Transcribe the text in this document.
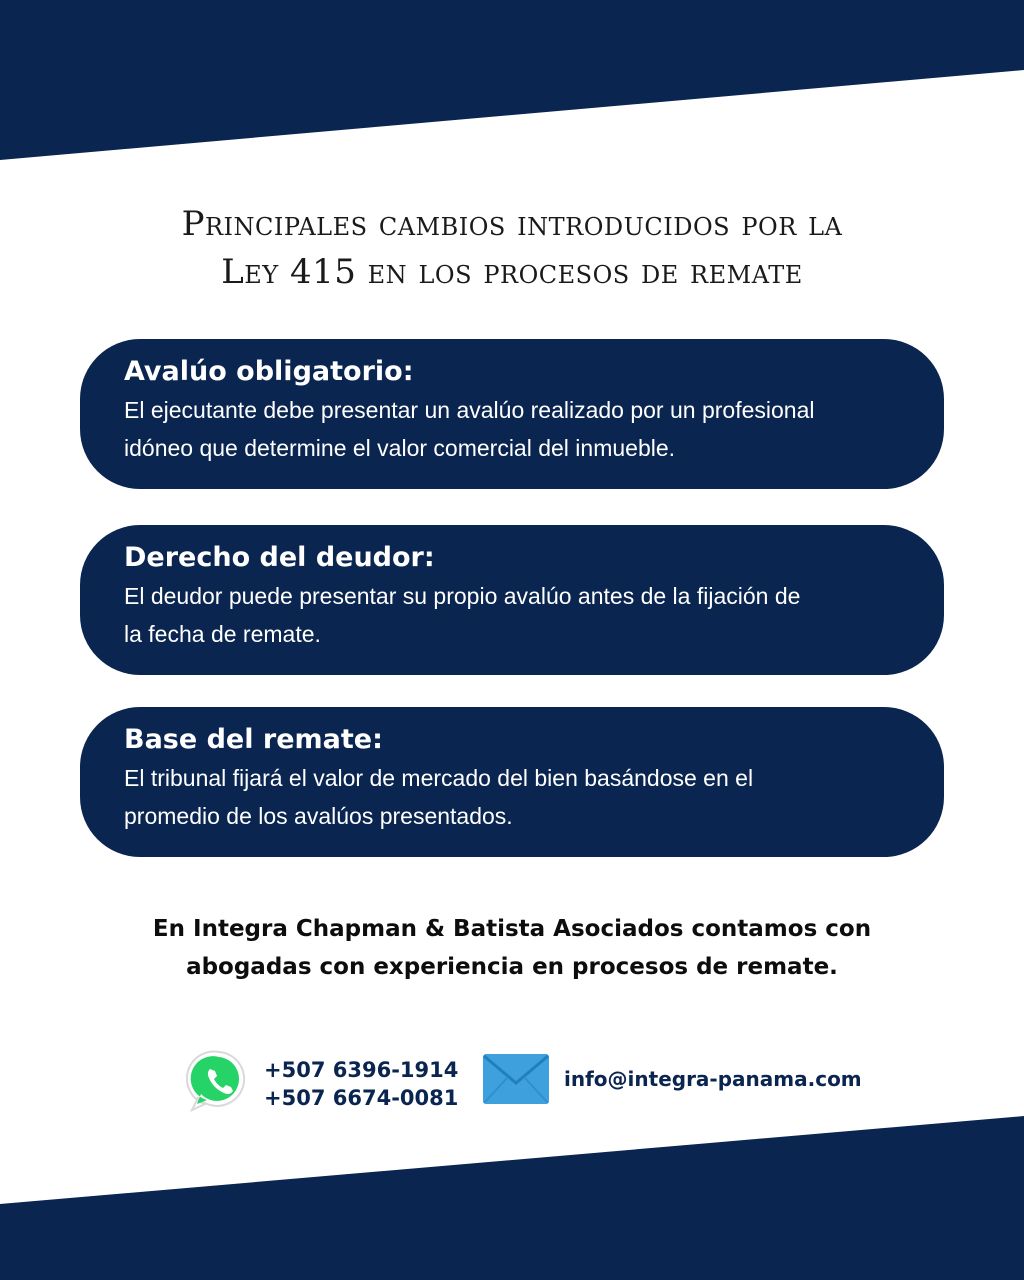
Principales cambios introducidos por la
Ley 415 en los procesos de remate

Avalúo obligatorio:

El ejecutante debe presentar un avalúo realizado por un profesional
idóneo que determine el valor comercial del inmueble.

Derecho del deudor:

El deudor puede presentar su propio avalúo antes de la fijación de
la fecha de remate.

Base del remate:

El tribunal fijará el valor de mercado del bien basándose en el
promedio de los avalúos presentados.

En Integra Chapman & Batista Asociados contamos con
abogadas con experiencia en procesos de remate.

+507 6396-1914
+507 6674-0081
info@integra-panama.com
